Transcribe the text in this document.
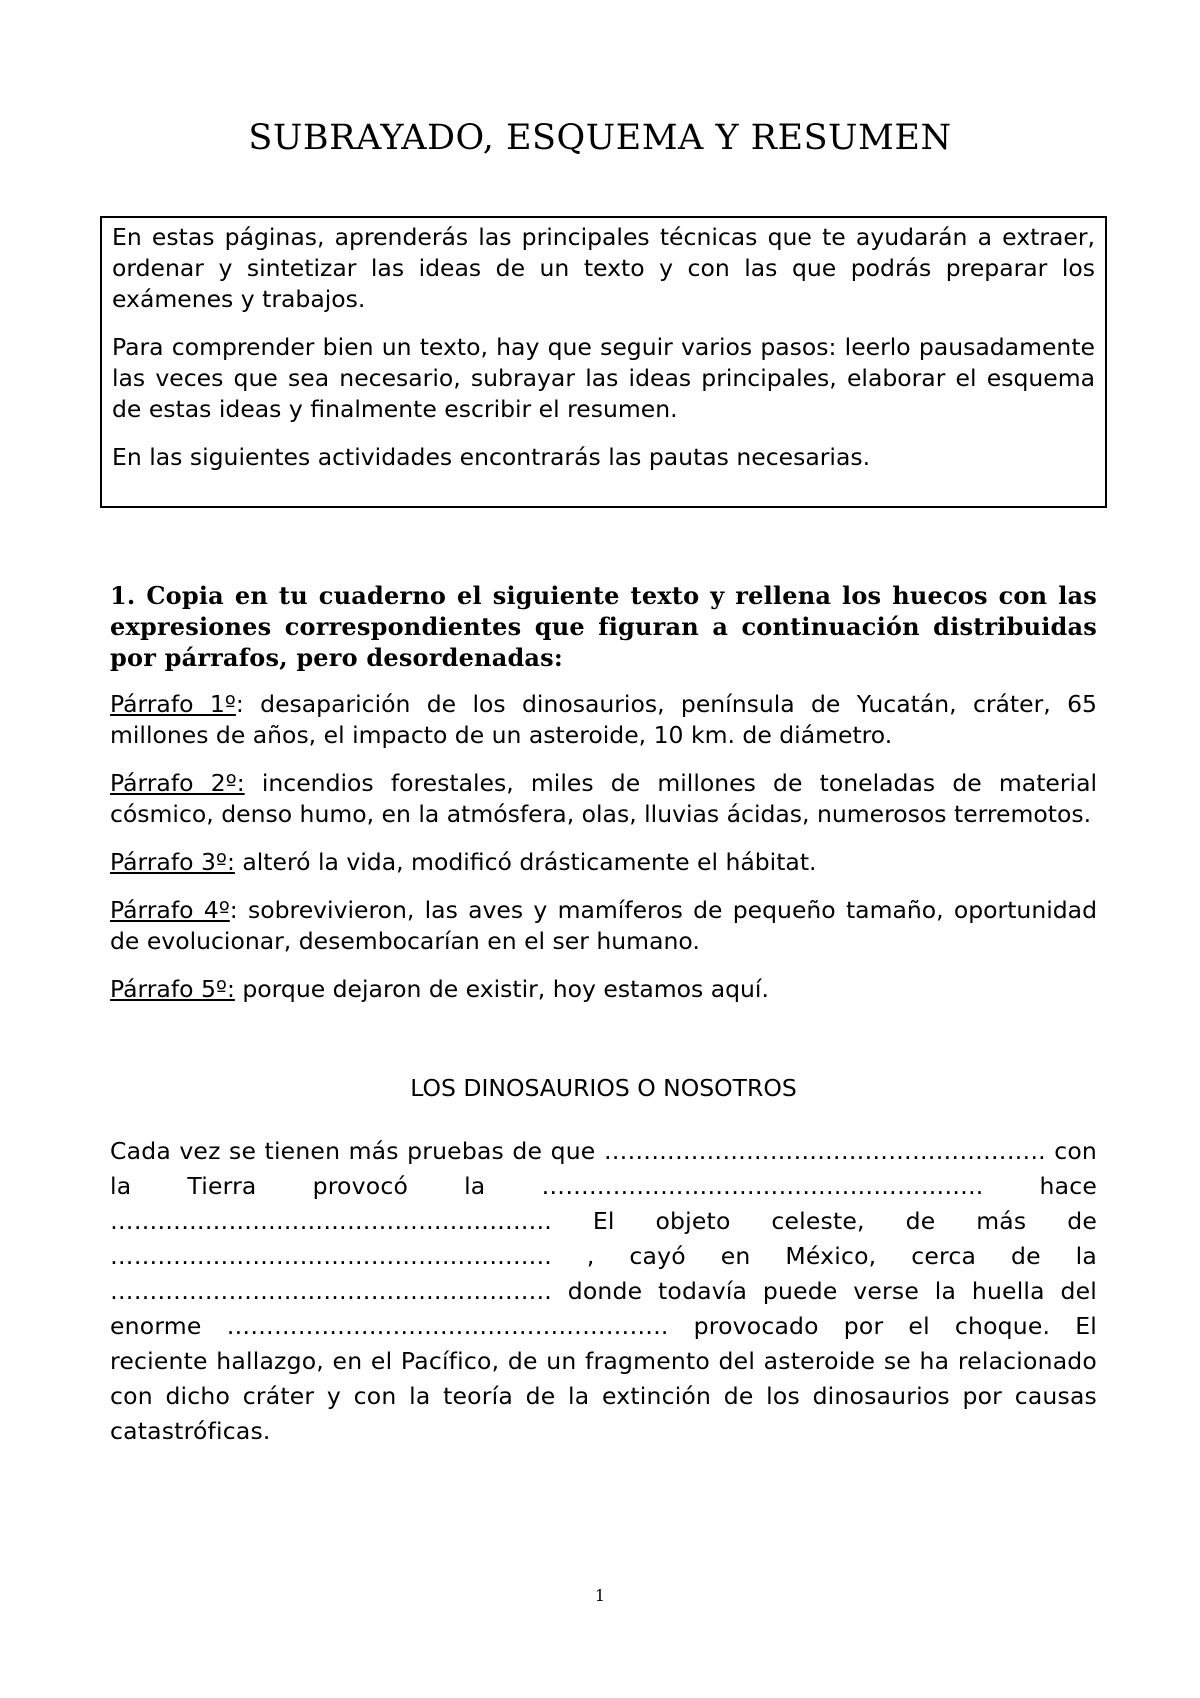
SUBRAYADO, ESQUEMA Y RESUMEN

En estas páginas, aprenderás las principales técnicas que te ayudarán a extraer, ordenar y sintetizar las ideas de un texto y con las que podrás preparar los exámenes y trabajos.

Para comprender bien un texto, hay que seguir varios pasos: leerlo pausadamente las veces que sea necesario, subrayar las ideas principales, elaborar el esquema de estas ideas y finalmente escribir el resumen.

En las siguientes actividades encontrarás las pautas necesarias.

1. Copia en tu cuaderno el siguiente texto y rellena los huecos con las expresiones correspondientes que figuran a continuación distribuidas por párrafos, pero desordenadas:

Párrafo 1º: desaparición de los dinosaurios, península de Yucatán, cráter, 65 millones de años, el impacto de un asteroide, 10 km. de diámetro.

Párrafo 2º: incendios forestales, miles de millones de toneladas de material cósmico, denso humo, en la atmósfera, olas, lluvias ácidas, numerosos terremotos.

Párrafo 3º: alteró la vida, modificó drásticamente el hábitat.

Párrafo 4º: sobrevivieron, las aves y mamíferos de pequeño tamaño, oportunidad de evolucionar, desembocarían en el ser humano.

Párrafo 5º: porque dejaron de existir, hoy estamos aquí.

LOS DINOSAURIOS O NOSOTROS

Cada vez se tienen más pruebas de que ……………………………………………….. con la Tierra provocó la ……………………………………………….. hace ……………………………………………….. El objeto celeste, de más de ……………………………………………….. , cayó en México, cerca de la ……………………………………………….. donde todavía puede verse la huella del enorme ……………………………………………….. provocado por el choque. El reciente hallazgo, en el Pacífico, de un fragmento del asteroide se ha relacionado con dicho cráter y con la teoría de la extinción de los dinosaurios por causas catastróficas.

1
